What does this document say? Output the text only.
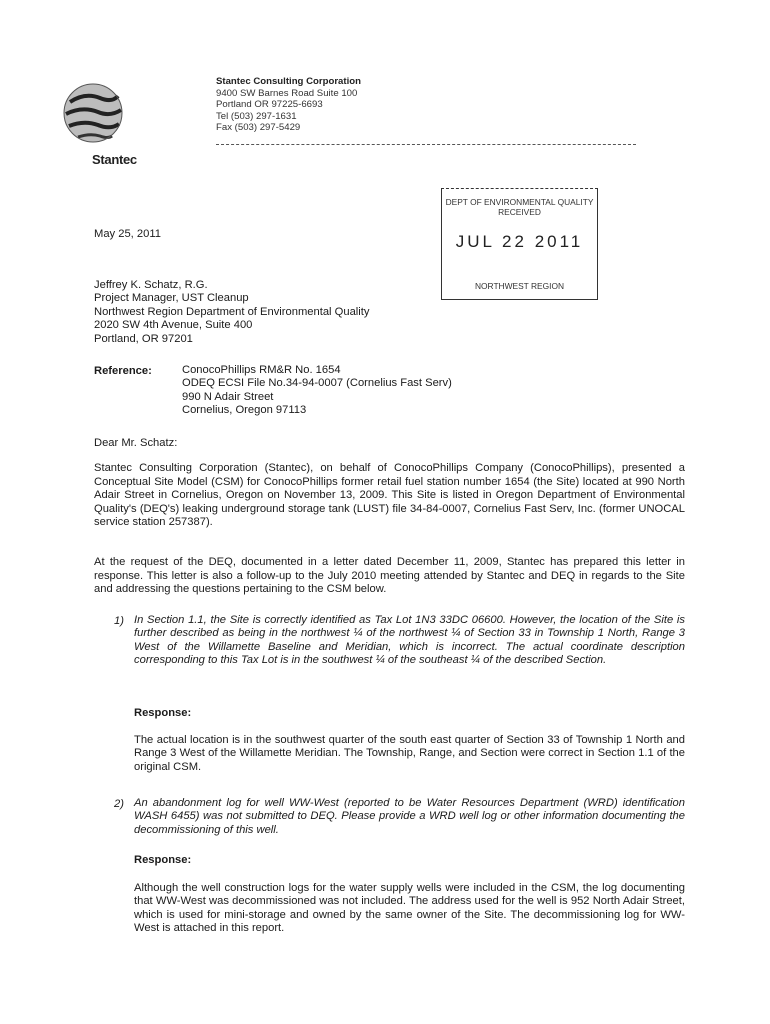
Stantec
Stantec Consulting Corporation
9400 SW Barnes Road Suite 100
Portland OR 97225-6693
Tel (503) 297-1631
Fax (503) 297-5429
DEPT OF ENVIRONMENTAL QUALITY
RECEIVED
JUL 22 2011
NORTHWEST REGION
May 25, 2011
Jeffrey K. Schatz, R.G.
Project Manager, UST Cleanup
Northwest Region Department of Environmental Quality
2020 SW 4th Avenue, Suite 400
Portland, OR 97201
Reference:	ConocoPhillips RM&R No. 1654
ODEQ ECSI File No.34-94-0007 (Cornelius Fast Serv)
990 N Adair Street
Cornelius, Oregon 97113
Dear Mr. Schatz:
Stantec Consulting Corporation (Stantec), on behalf of ConocoPhillips Company (ConocoPhillips), presented a Conceptual Site Model (CSM) for ConocoPhillips former retail fuel station number 1654 (the Site) located at 990 North Adair Street in Cornelius, Oregon on November 13, 2009. This Site is listed in Oregon Department of Environmental Quality's (DEQ's) leaking underground storage tank (LUST) file 34-84-0007, Cornelius Fast Serv, Inc. (former UNOCAL service station 257387).
At the request of the DEQ, documented in a letter dated December 11, 2009, Stantec has prepared this letter in response. This letter is also a follow-up to the July 2010 meeting attended by Stantec and DEQ in regards to the Site and addressing the questions pertaining to the CSM below.
1) In Section 1.1, the Site is correctly identified as Tax Lot 1N3 33DC 06600. However, the location of the Site is further described as being in the northwest ¼ of the northwest ¼ of Section 33 in Township 1 North, Range 3 West of the Willamette Baseline and Meridian, which is incorrect. The actual coordinate description corresponding to this Tax Lot is in the southwest ¼ of the southeast ¼ of the described Section.
Response:
The actual location is in the southwest quarter of the south east quarter of Section 33 of Township 1 North and Range 3 West of the Willamette Meridian. The Township, Range, and Section were correct in Section 1.1 of the original CSM.
2) An abandonment log for well WW-West (reported to be Water Resources Department (WRD) identification WASH 6455) was not submitted to DEQ. Please provide a WRD well log or other information documenting the decommissioning of this well.
Response:
Although the well construction logs for the water supply wells were included in the CSM, the log documenting that WW-West was decommissioned was not included. The address used for the well is 952 North Adair Street, which is used for mini-storage and owned by the same owner of the Site. The decommissioning log for WW-West is attached in this report.
